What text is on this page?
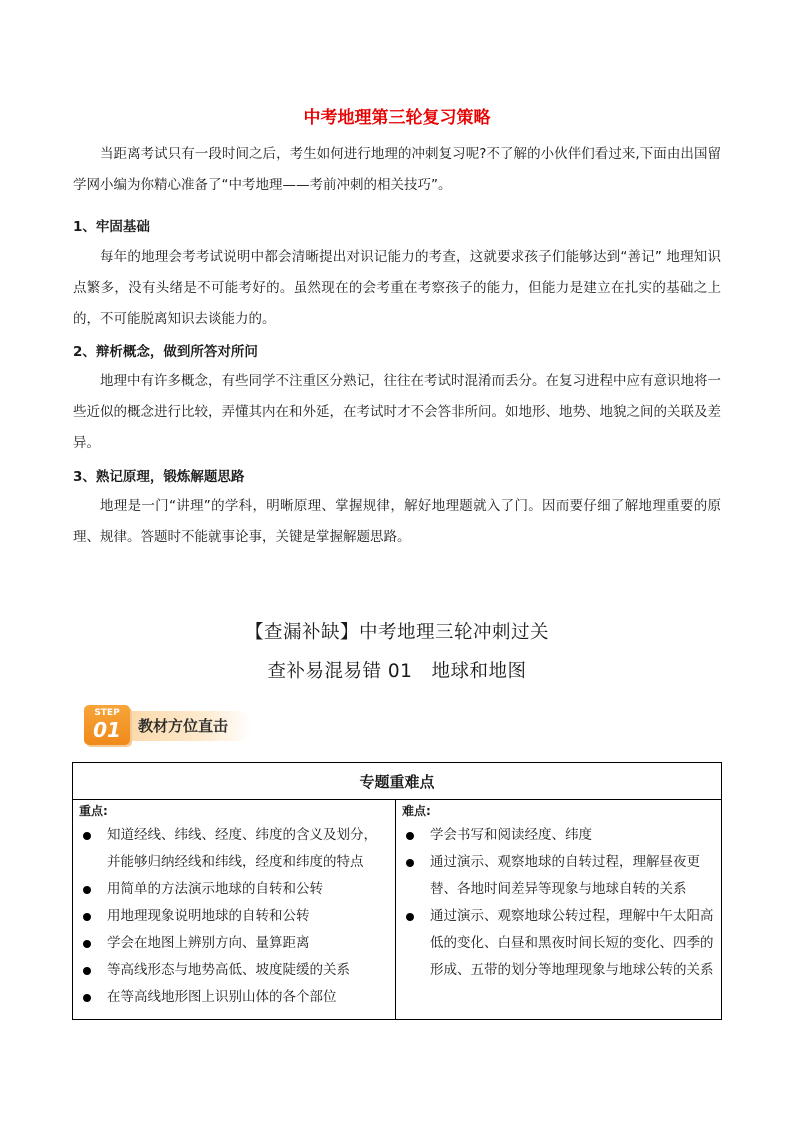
中考地理第三轮复习策略

当距离考试只有一段时间之后，考生如何进行地理的冲刺复习呢?不了解的小伙伴们看过来,下面由出国留学网小编为你精心准备了“中考地理——考前冲刺的相关技巧”。

1、牢固基础

每年的地理会考考试说明中都会清晰提出对识记能力的考查，这就要求孩子们能够达到“善记” 地理知识点繁多，没有头绪是不可能考好的。虽然现在的会考重在考察孩子的能力，但能力是建立在扎实的基础之上的，不可能脱离知识去谈能力的。

2、辩析概念，做到所答对所问

地理中有许多概念，有些同学不注重区分熟记，往往在考试时混淆而丢分。在复习进程中应有意识地将一些近似的概念进行比较，弄懂其内在和外延，在考试时才不会答非所问。如地形、地势、地貌之间的关联及差异。

3、熟记原理，锻炼解题思路

地理是一门“讲理”的学科，明晰原理、掌握规律，解好地理题就入了门。因而要仔细了解地理重要的原理、规律。答题时不能就事论事，关键是掌握解题思路。

【查漏补缺】中考地理三轮冲刺过关
查补易混易错 01　地球和地图
STEP
01	教材方位直击
专题重难点

重点:
知道经线、纬线、经度、纬度的含义及划分，并能够归纳经线和纬线，经度和纬度的特点
用简单的方法演示地球的自转和公转
用地理现象说明地球的自转和公转
学会在地图上辨别方向、量算距离
等高线形态与地势高低、坡度陡缓的关系
在等高线地形图上识别山体的各个部位

难点:
学会书写和阅读经度、纬度
通过演示、观察地球的自转过程，理解昼夜更替、各地时间差异等现象与地球自转的关系
通过演示、观察地球公转过程，理解中午太阳高低的变化、白昼和黑夜时间长短的变化、四季的形成、五带的划分等地理现象与地球公转的关系
